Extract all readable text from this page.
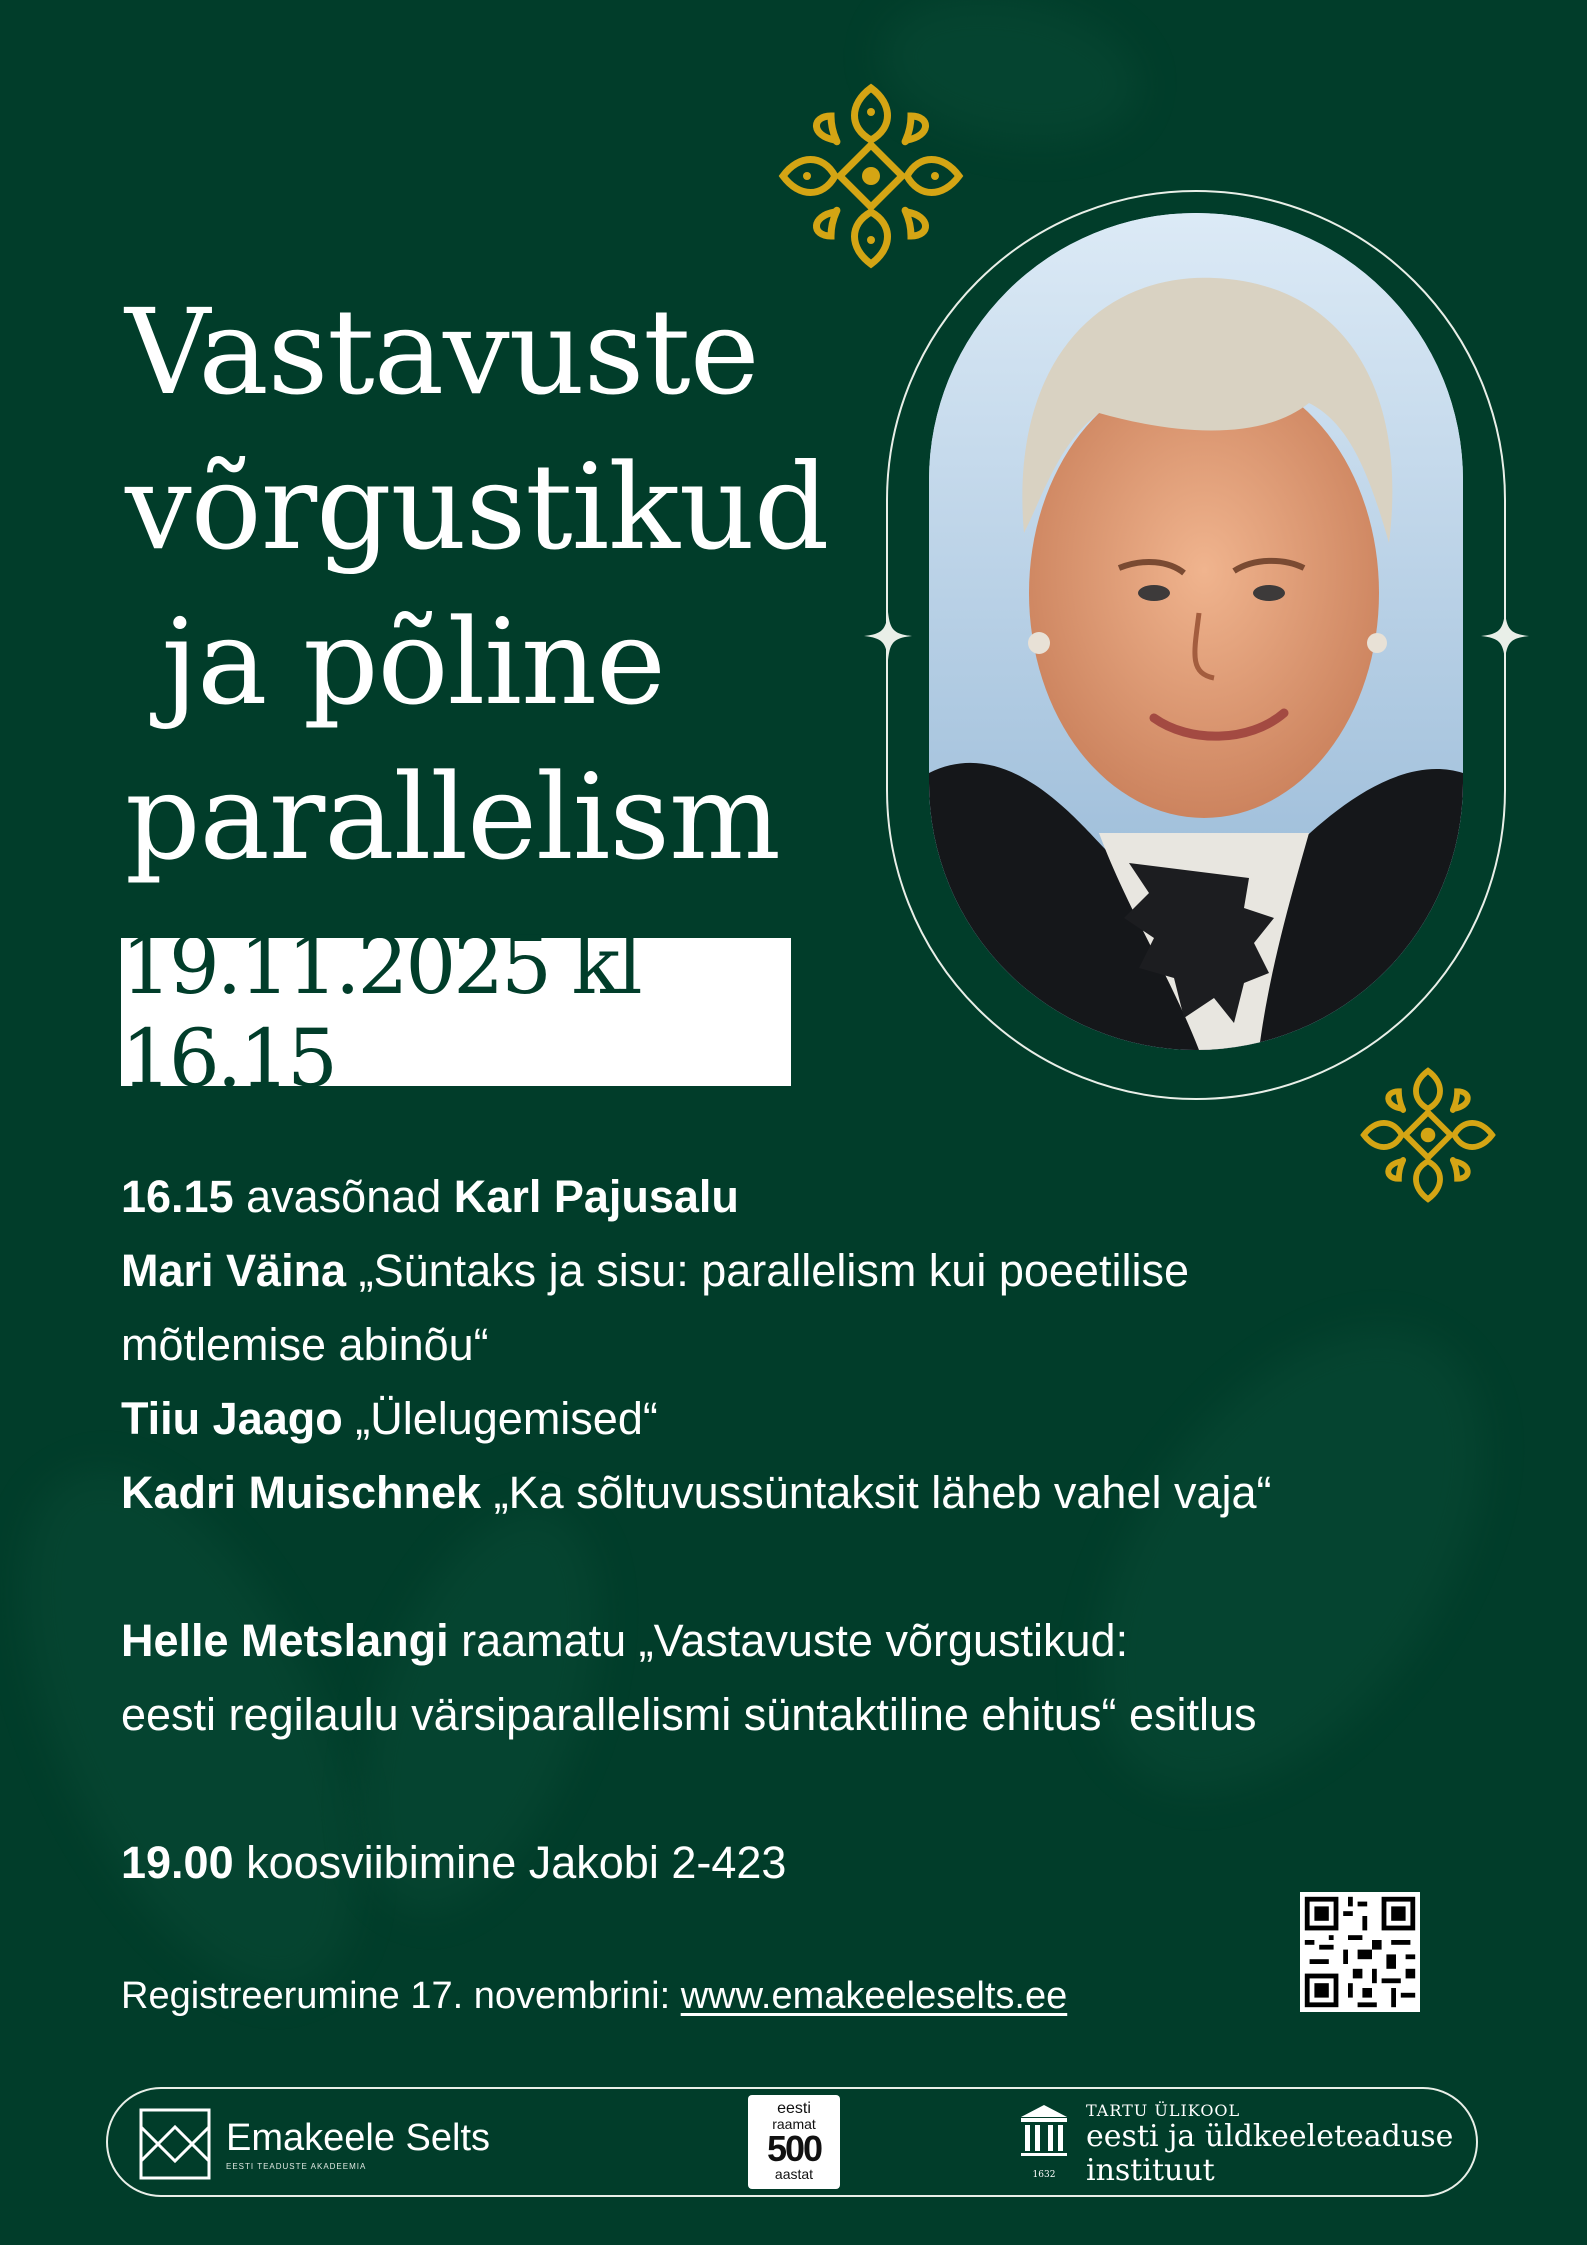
Vastavuste
võrgustikud
ja põline
parallelism
19.11.2025 kl 16.15

16.15 avasõnad Karl Pajusalu

Mari Väina „Süntaks ja sisu: parallelism kui poeetilise

mõtlemise abinõu“

Tiiu Jaago „Ülelugemised“

Kadri Muischnek „Ka sõltuvussüntaksit läheb vahel vaja“

Helle Metslangi raamatu „Vastavuste võrgustikud:

eesti regilaulu värsiparallelismi süntaktiline ehitus“ esitlus

19.00 koosviibimine Jakobi 2-423

Registreerumine 17. novembrini: www.emakeeleselts.ee
Emakeele Selts
EESTI TEADUSTE AKADEEMIA
eesti
raamat
500
aastat	1632
TARTU ÜLIKOOL
eesti ja üldkeeleteaduse
instituut
